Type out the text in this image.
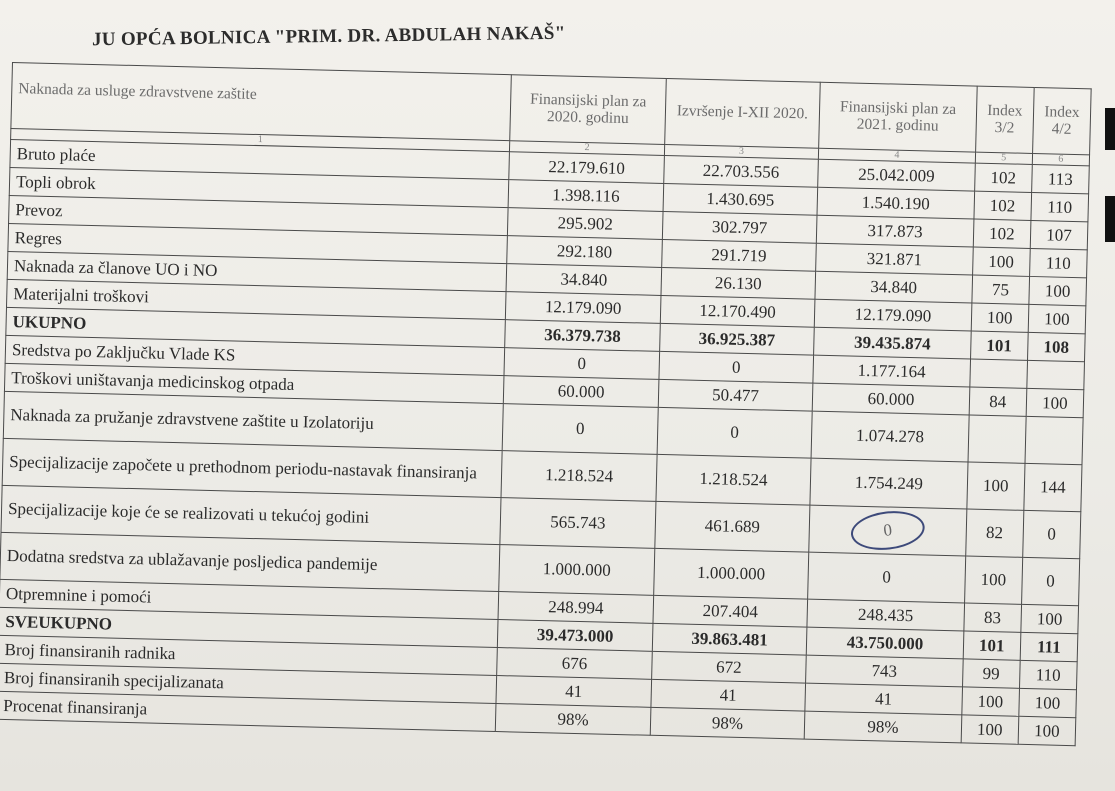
JU OPĆA BOLNICA "PRIM. DR. ABDULAH NAKAŠ"
Naknada za usluge zdravstvene zaštite	Finansijski plan za 2020. godinu	Izvršenje I-XII 2020.	Finansijski plan za 2021. godinu	Index 3/2	Index 4/2
1	2	3	4	5	6
Bruto plaće	22.179.610	22.703.556	25.042.009	102	113
Topli obrok	1.398.116	1.430.695	1.540.190	102	110
Prevoz	295.902	302.797	317.873	102	107
Regres	292.180	291.719	321.871	100	110
Naknada za članove UO i NO	34.840	26.130	34.840	75	100
Materijalni troškovi	12.179.090	12.170.490	12.179.090	100	100
UKUPNO	36.379.738	36.925.387	39.435.874	101	108
Sredstva po Zaključku Vlade KS	0	0	1.177.164		
Troškovi uništavanja medicinskog otpada	60.000	50.477	60.000	84	100
Naknada za pružanje zdravstvene zaštite u Izolatoriju	0	0	1.074.278		
Specijalizacije započete u prethodnom periodu-nastavak finansiranja	1.218.524	1.218.524	1.754.249	100	144
Specijalizacije koje će se realizovati u tekućoj godini	565.743	461.689	0	82	0
Dodatna sredstva za ublažavanje posljedica pandemije	1.000.000	1.000.000	0	100	0
Otpremnine i pomoći	248.994	207.404	248.435	83	100
SVEUKUPNO	39.473.000	39.863.481	43.750.000	101	111
Broj finansiranih radnika	676	672	743	99	110
Broj finansiranih specijalizanata	41	41	41	100	100
Procenat finansiranja	98%	98%	98%	100	100
